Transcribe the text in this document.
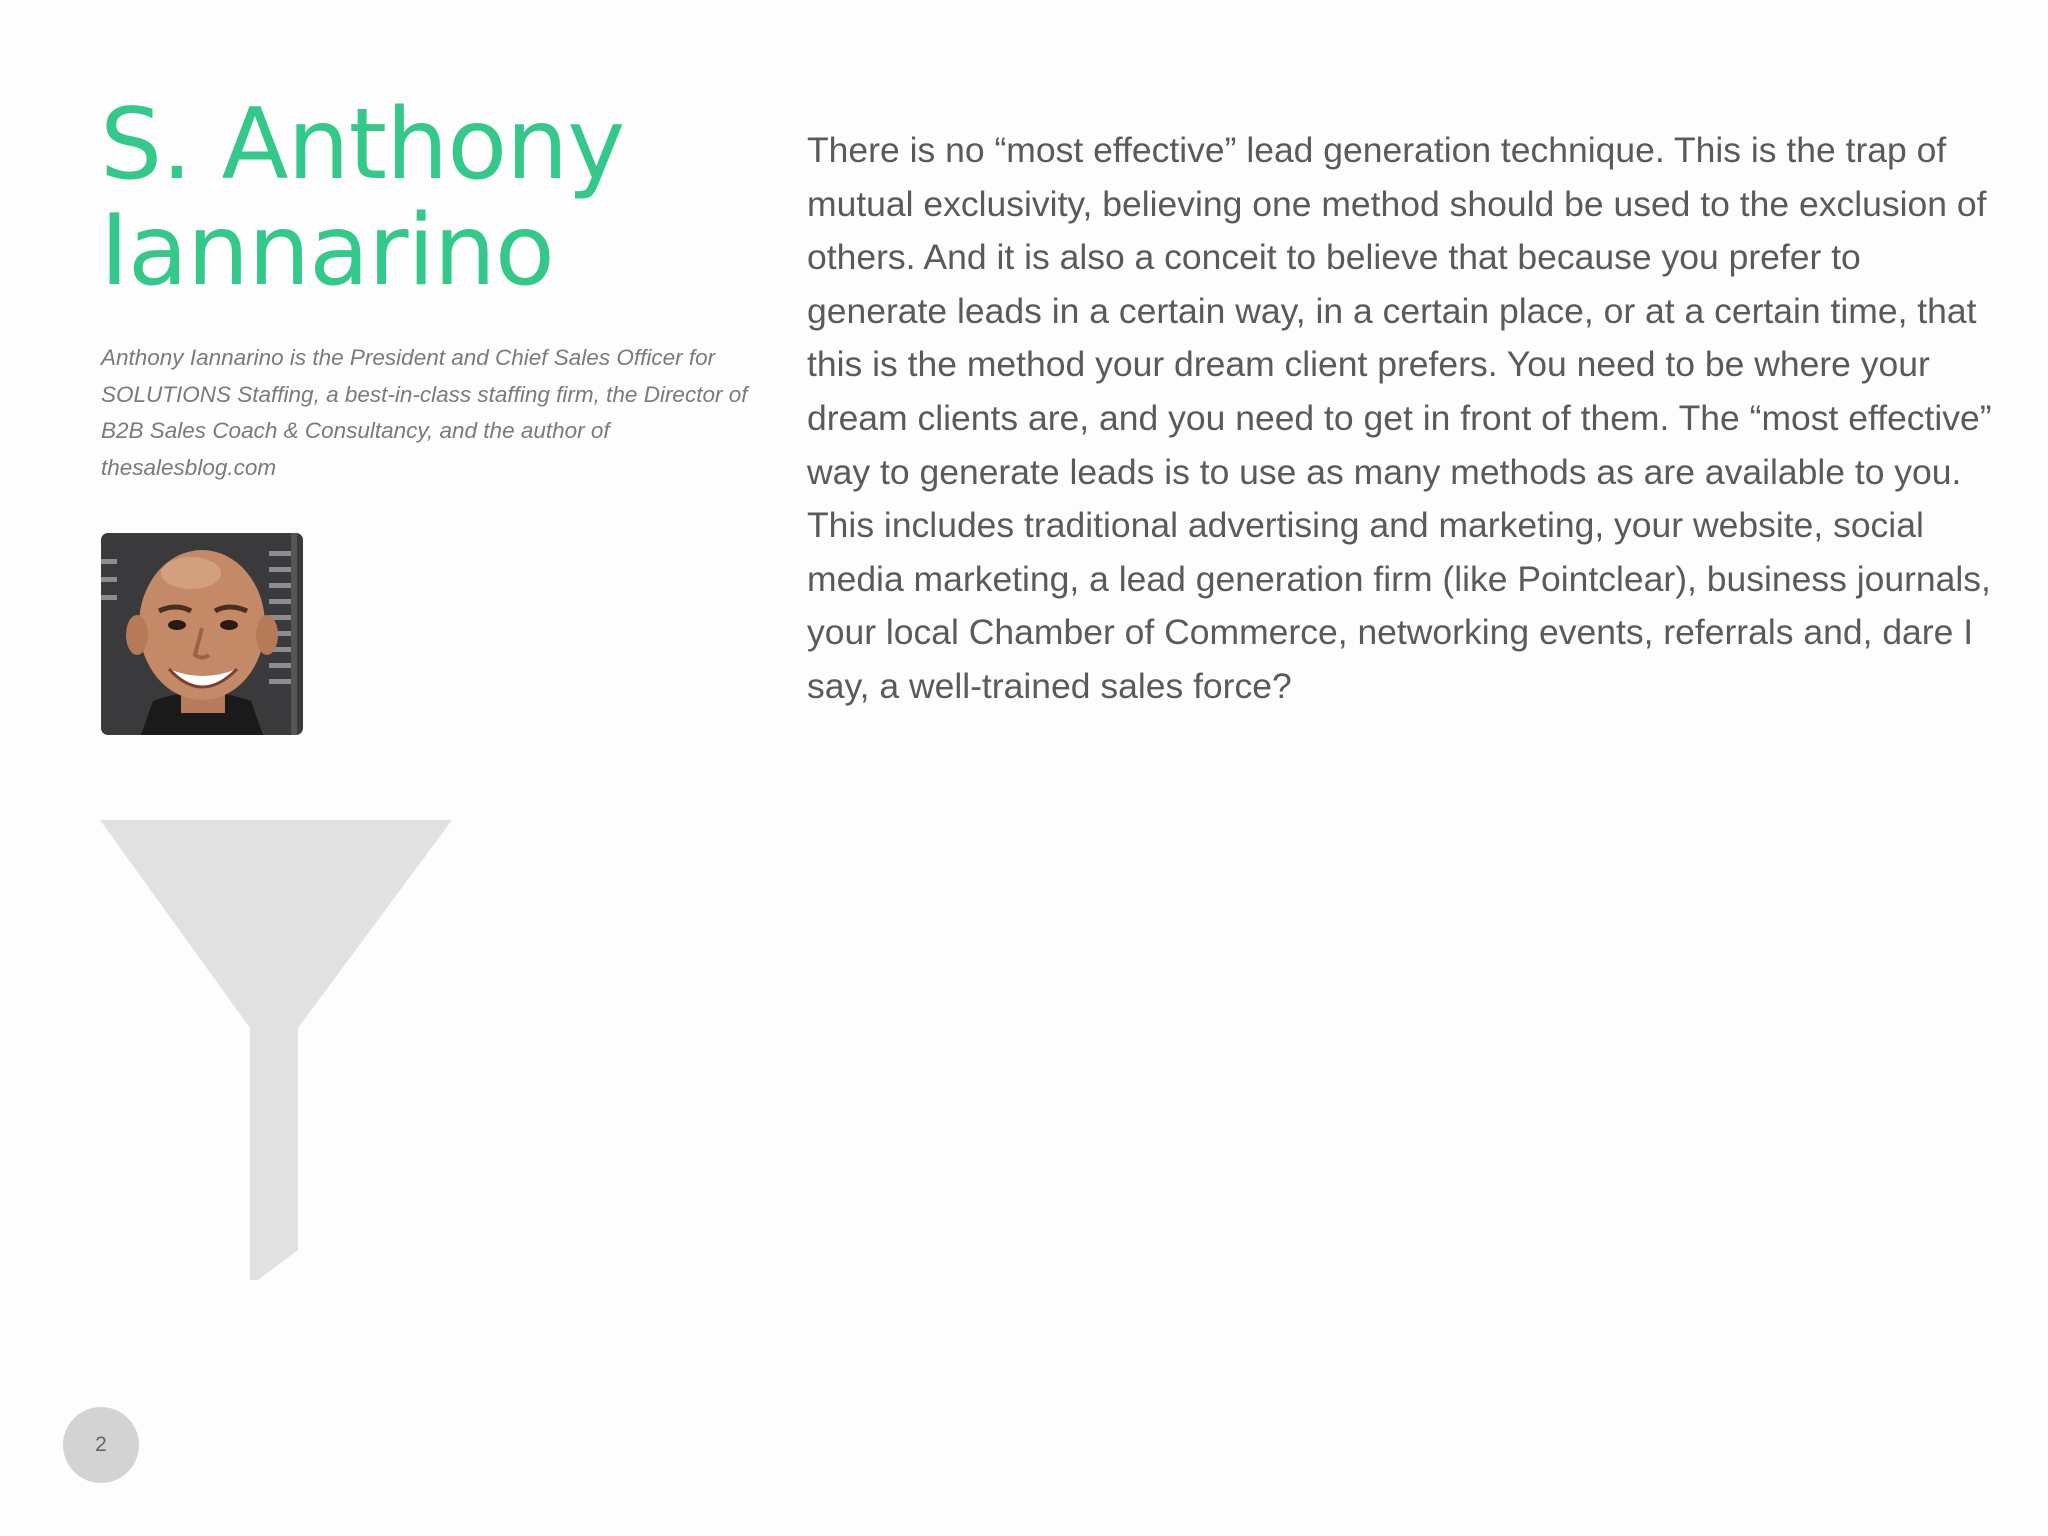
S. Anthony
Iannarino

Anthony Iannarino is the President and Chief Sales Officer for SOLUTIONS Staffing, a best-in-class staffing firm, the Director of B2B Sales Coach & Consultancy, and the author of thesalesblog.com

There is no “most effective” lead generation technique. This is the trap of mutual exclusivity, believing one method should be used to the exclusion of others. And it is also a conceit to believe that because you prefer to generate leads in a certain way, in a certain place, or at a certain time, that this is the method your dream client prefers. You need to be where your dream clients are, and you need to get in front of them. The “most effective” way to generate leads is to use as many methods as are available to you. This includes traditional advertising and marketing, your website, social media marketing, a lead generation firm (like Pointclear), business journals, your local Chamber of Commerce, networking events, referrals and, dare I say, a well-trained sales force?

2
